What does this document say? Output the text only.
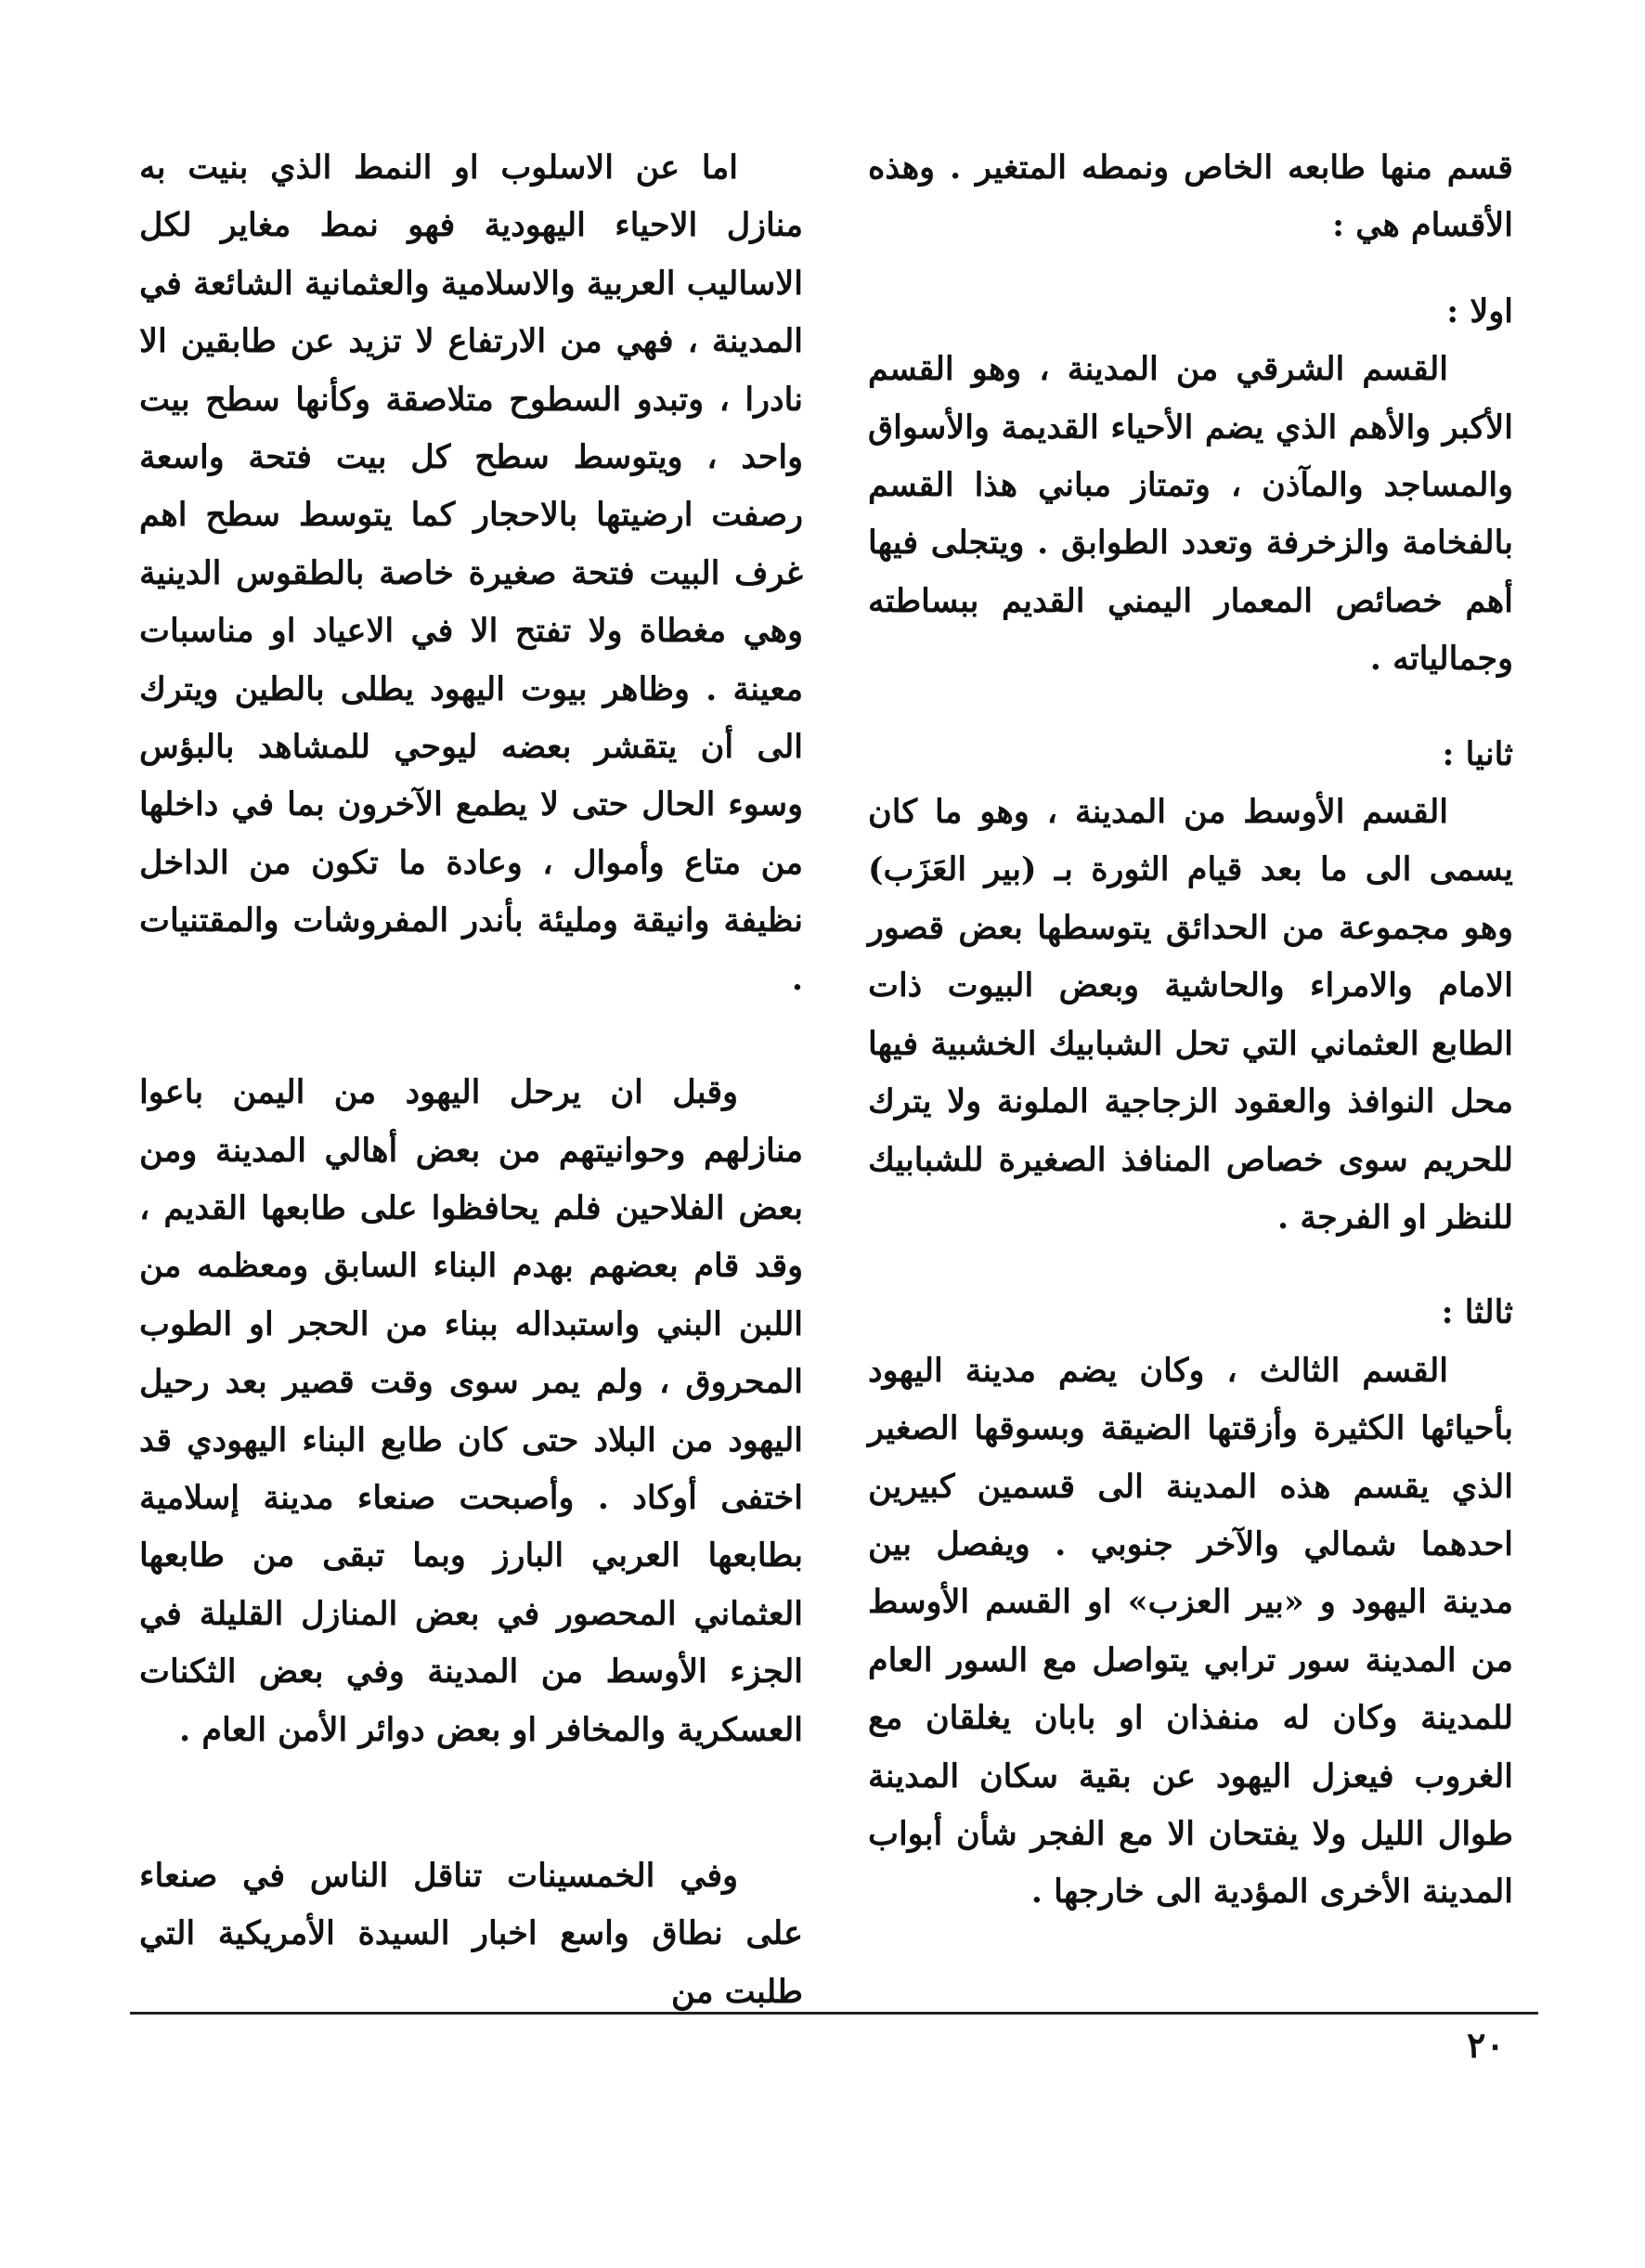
قسم منها طابعه الخاص ونمطه المتغير . وهذه الأقسام هي :

اولا :

القسم الشرقي من المدينة ، وهو القسم الأكبر والأهم الذي يضم الأحياء القديمة والأسواق والمساجد والمآذن ، وتمتاز مباني هذا القسم بالفخامة والزخرفة وتعدد الطوابق . ويتجلى فيها أهم خصائص المعمار اليمني القديم ببساطته وجمالياته .

ثانيا :

القسم الأوسط من المدينة ، وهو ما كان يسمى الى ما بعد قيام الثورة بـ (بير العَزَب) وهو مجموعة من الحدائق يتوسطها بعض قصور الامام والامراء والحاشية وبعض البيوت ذات الطابع العثماني التي تحل الشبابيك الخشبية فيها محل النوافذ والعقود الزجاجية الملونة ولا يترك للحريم سوى خصاص المنافذ الصغيرة للشبابيك للنظر او الفرجة .

ثالثا :

القسم الثالث ، وكان يضم مدينة اليهود بأحيائها الكثيرة وأزقتها الضيقة وبسوقها الصغير الذي يقسم هذه المدينة الى قسمين كبيرين احدهما شمالي والآخر جنوبي . ويفصل بين مدينة اليهود و «بير العزب» او القسم الأوسط من المدينة سور ترابي يتواصل مع السور العام للمدينة وكان له منفذان او بابان يغلقان مع الغروب فيعزل اليهود عن بقية سكان المدينة طوال الليل ولا يفتحان الا مع الفجر شأن أبواب المدينة الأخرى المؤدية الى خارجها .

اما عن الاسلوب او النمط الذي بنيت به منازل الاحياء اليهودية فهو نمط مغاير لكل الاساليب العربية والاسلامية والعثمانية الشائعة في المدينة ، فهي من الارتفاع لا تزيد عن طابقين الا نادرا ، وتبدو السطوح متلاصقة وكأنها سطح بيت واحد ، ويتوسط سطح كل بيت فتحة واسعة رصفت ارضيتها بالاحجار كما يتوسط سطح اهم غرف البيت فتحة صغيرة خاصة بالطقوس الدينية وهي مغطاة ولا تفتح الا في الاعياد او مناسبات معينة . وظاهر بيوت اليهود يطلى بالطين ويترك الى أن يتقشر بعضه ليوحي للمشاهد بالبؤس وسوء الحال حتى لا يطمع الآخرون بما في داخلها من متاع وأموال ، وعادة ما تكون من الداخل نظيفة وانيقة ومليئة بأندر المفروشات والمقتنيات .

وقبل ان يرحل اليهود من اليمن باعوا منازلهم وحوانيتهم من بعض أهالي المدينة ومن بعض الفلاحين فلم يحافظوا على طابعها القديم ، وقد قام بعضهم بهدم البناء السابق ومعظمه من اللبن البني واستبداله ببناء من الحجر او الطوب المحروق ، ولم يمر سوى وقت قصير بعد رحيل اليهود من البلاد حتى كان طابع البناء اليهودي قد اختفى أوكاد . وأصبحت صنعاء مدينة إسلامية بطابعها العربي البارز وبما تبقى من طابعها العثماني المحصور في بعض المنازل القليلة في الجزء الأوسط من المدينة وفي بعض الثكنات العسكرية والمخافر او بعض دوائر الأمن العام .

وفي الخمسينات تناقل الناس في صنعاء على نطاق واسع اخبار السيدة الأمريكية التي طلبت من

٢٠
